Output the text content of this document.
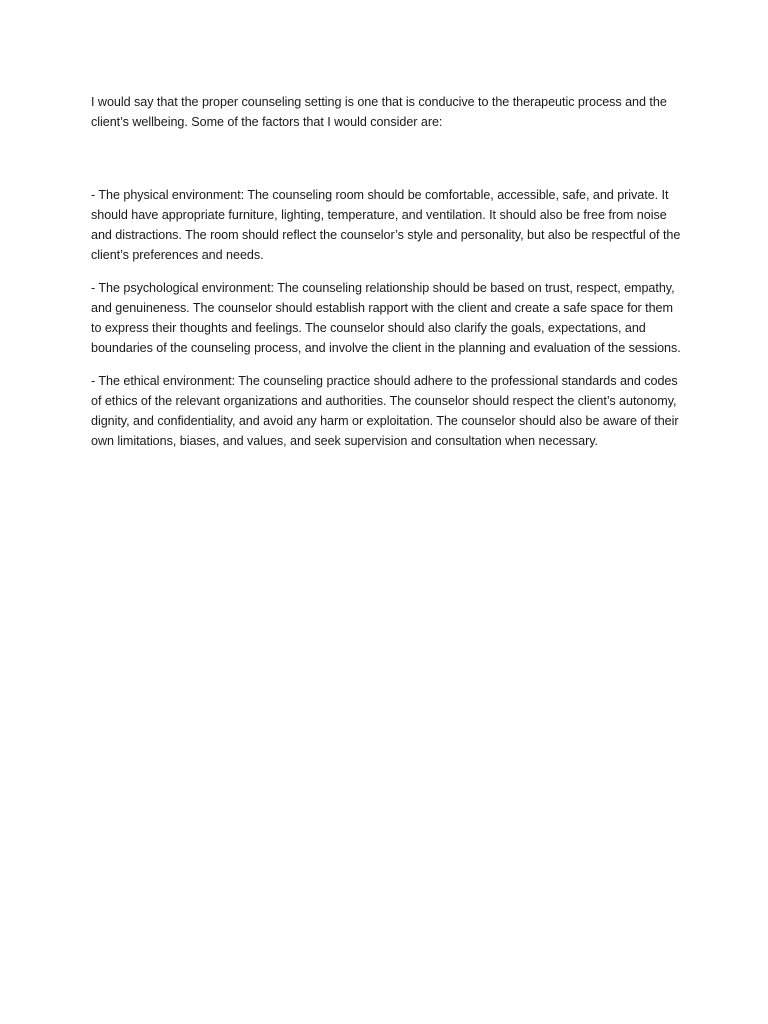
I would say that the proper counseling setting is one that is conducive to the therapeutic process and the client’s wellbeing. Some of the factors that I would consider are:

- The physical environment: The counseling room should be comfortable, accessible, safe, and private. It should have appropriate furniture, lighting, temperature, and ventilation. It should also be free from noise and distractions. The room should reflect the counselor’s style and personality, but also be respectful of the client’s preferences and needs.

- The psychological environment: The counseling relationship should be based on trust, respect, empathy, and genuineness. The counselor should establish rapport with the client and create a safe space for them to express their thoughts and feelings. The counselor should also clarify the goals, expectations, and boundaries of the counseling process, and involve the client in the planning and evaluation of the sessions.

- The ethical environment: The counseling practice should adhere to the professional standards and codes of ethics of the relevant organizations and authorities. The counselor should respect the client’s autonomy, dignity, and confidentiality, and avoid any harm or exploitation. The counselor should also be aware of their own limitations, biases, and values, and seek supervision and consultation when necessary.
